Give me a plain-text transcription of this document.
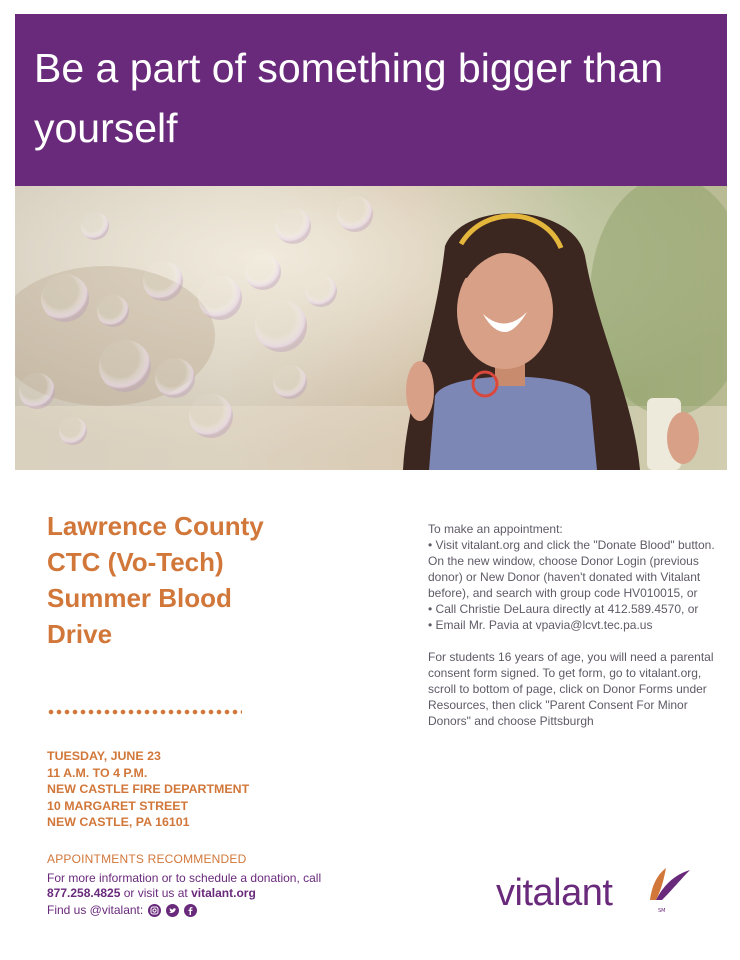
Be a part of something bigger than yourself
Lawrence County CTC (Vo-Tech) Summer Blood Drive
TUESDAY, JUNE 23
11 A.M. TO 4 P.M.
NEW CASTLE FIRE DEPARTMENT
10 MARGARET STREET
NEW CASTLE, PA 16101
APPOINTMENTS RECOMMENDED
For more information or to schedule a donation, call 877.258.4825 or visit us at vitalant.org
Find us @vitalant:

To make an appointment:

• Visit vitalant.org and click the "Donate Blood" button. On the new window, choose Donor Login (previous donor) or New Donor (haven't donated with Vitalant before), and search with group code HV010015, or
• Call Christie DeLaura directly at 412.589.4570, or
• Email Mr. Pavia at vpavia@lcvt.tec.pa.us

For students 16 years of age, you will need a parental consent form signed. To get form, go to vitalant.org, scroll to bottom of page, click on Donor Forms under Resources, then click "Parent Consent For Minor Donors" and choose Pittsburgh

vitalant	SM
